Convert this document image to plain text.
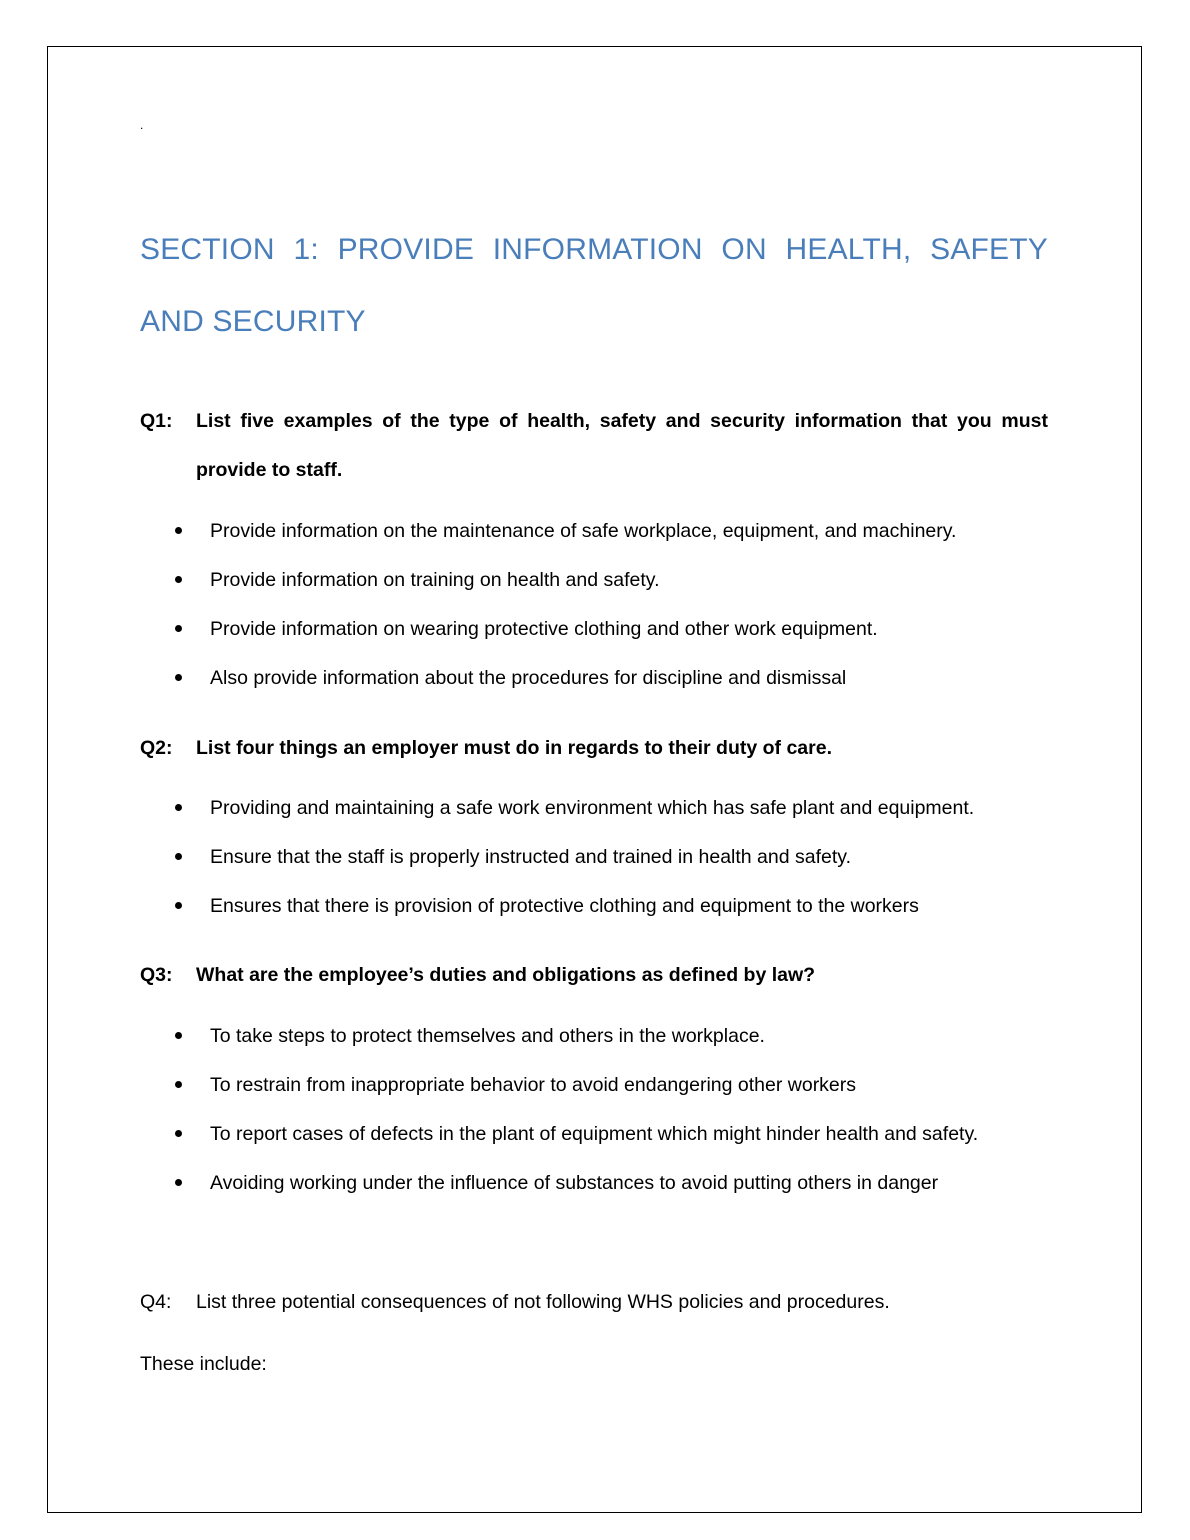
.
SECTION 1: PROVIDE INFORMATION ON HEALTH, SAFETY AND SECURITY
Q1:	List five examples of the type of health, safety and security information that you must provide to staff.
Provide information on the maintenance of safe workplace, equipment, and machinery.
Provide information on training on health and safety.
Provide information on wearing protective clothing and other work equipment.
Also provide information about the procedures for discipline and dismissal
Q2:	List four things an employer must do in regards to their duty of care.
Providing and maintaining a safe work environment which has safe plant and equipment.
Ensure that the staff is properly instructed and trained in health and safety.
Ensures that there is provision of protective clothing and equipment to the workers
Q3:	What are the employee’s duties and obligations as defined by law?
To take steps to protect themselves and others in the workplace.
To restrain from inappropriate behavior to avoid endangering other workers
To report cases of defects in the plant of equipment which might hinder health and safety.
Avoiding working under the influence of substances to avoid putting others in danger
Q4:	List three potential consequences of not following WHS policies and procedures.
These include:
